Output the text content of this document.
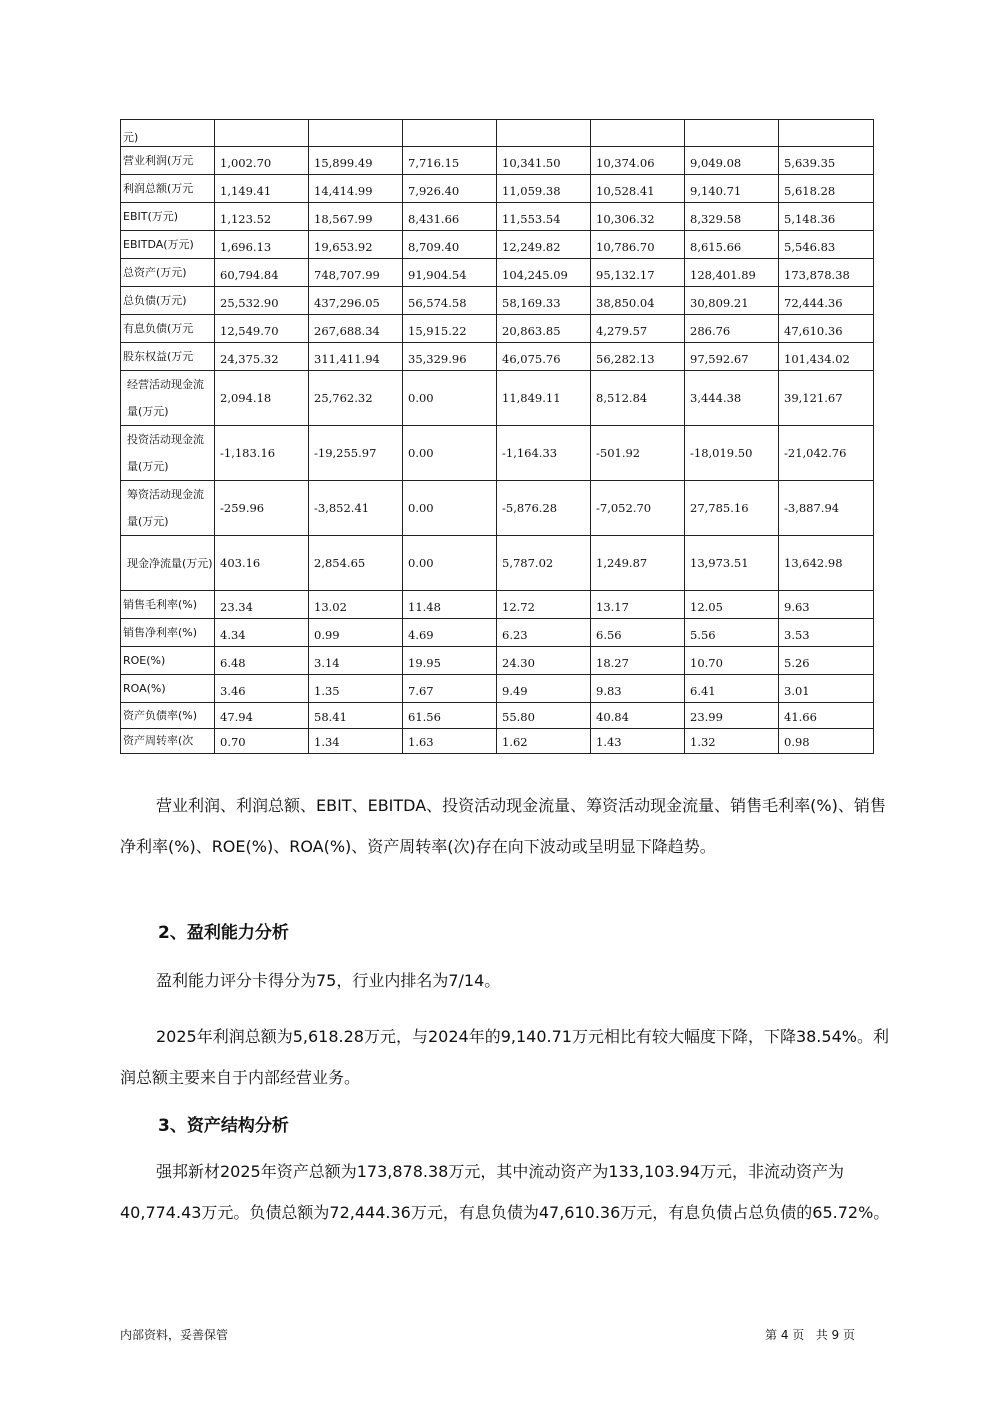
元)							
营业利润(万元	1,002.70	15,899.49	7,716.15	10,341.50	10,374.06	9,049.08	5,639.35
利润总额(万元	1,149.41	14,414.99	7,926.40	11,059.38	10,528.41	9,140.71	5,618.28
EBIT(万元)	1,123.52	18,567.99	8,431.66	11,553.54	10,306.32	8,329.58	5,148.36
EBITDA(万元)	1,696.13	19,653.92	8,709.40	12,249.82	10,786.70	8,615.66	5,546.83
总资产(万元)	60,794.84	748,707.99	91,904.54	104,245.09	95,132.17	128,401.89	173,878.38
总负债(万元)	25,532.90	437,296.05	56,574.58	58,169.33	38,850.04	30,809.21	72,444.36
有息负债(万元	12,549.70	267,688.34	15,915.22	20,863.85	4,279.57	286.76	47,610.36
股东权益(万元	24,375.32	311,411.94	35,329.96	46,075.76	56,282.13	97,592.67	101,434.02
经营活动现金流量(万元)	2,094.18	25,762.32	0.00	11,849.11	8,512.84	3,444.38	39,121.67
投资活动现金流量(万元)	-1,183.16	-19,255.97	0.00	-1,164.33	-501.92	-18,019.50	-21,042.76
筹资活动现金流量(万元)	-259.96	-3,852.41	0.00	-5,876.28	-7,052.70	27,785.16	-3,887.94
现金净流量(万元)	403.16	2,854.65	0.00	5,787.02	1,249.87	13,973.51	13,642.98
销售毛利率(%)	23.34	13.02	11.48	12.72	13.17	12.05	9.63
销售净利率(%)	4.34	0.99	4.69	6.23	6.56	5.56	3.53
ROE(%)	6.48	3.14	19.95	24.30	18.27	10.70	5.26
ROA(%)	3.46	1.35	7.67	9.49	9.83	6.41	3.01
资产负债率(%)	47.94	58.41	61.56	55.80	40.84	23.99	41.66
资产周转率(次	0.70	1.34	1.63	1.62	1.43	1.32	0.98

营业利润、利润总额、EBIT、EBITDA、投资活动现金流量、筹资活动现金流量、销售毛利率(%)、销售净利率(%)、ROE(%)、ROA(%)、资产周转率(次)存在向下波动或呈明显下降趋势。

2、盈利能力分析

盈利能力评分卡得分为75，行业内排名为7/14。

2025年利润总额为5,618.28万元，与2024年的9,140.71万元相比有较大幅度下降，下降38.54%。利润总额主要来自于内部经营业务。

3、资产结构分析

强邦新材2025年资产总额为173,878.38万元，其中流动资产为133,103.94万元，非流动资产为40,774.43万元。负债总额为72,444.36万元，有息负债为47,610.36万元，有息负债占总负债的65.72%。

内部资料，妥善保管	第 4 页   共 9 页
